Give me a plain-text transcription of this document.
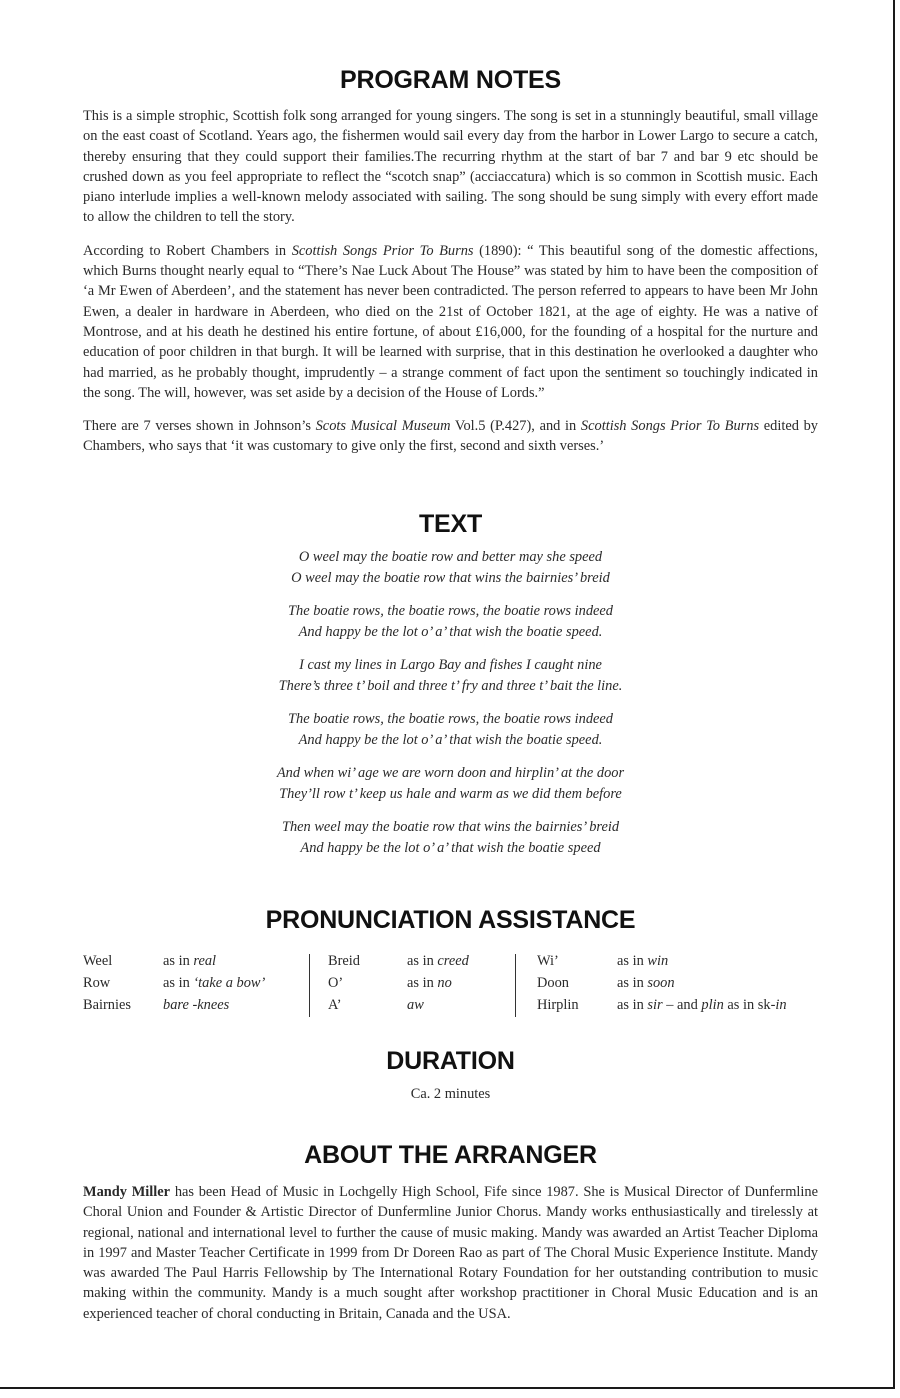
PROGRAM NOTES

This is a simple strophic, Scottish folk song arranged for young singers. The song is set in a stunningly beautiful, small village on the east coast of Scotland. Years ago, the fishermen would sail every day from the harbor in Lower Largo to secure a catch, thereby ensuring that they could support their families.The recurring rhythm at the start of bar 7 and bar 9 etc should be crushed down as you feel appropriate to reflect the “scotch snap” (acciaccatura) which is so common in Scottish music. Each piano interlude implies a well-known melody associated with sailing. The song should be sung simply with every effort made to allow the children to tell the story.

According to Robert Chambers in Scottish Songs Prior To Burns (1890): “ This beautiful song of the domestic affections, which Burns thought nearly equal to “There’s Nae Luck About The House” was stated by him to have been the composition of ‘a Mr Ewen of Aberdeen’, and the statement has never been contradicted. The person referred to appears to have been Mr John Ewen, a dealer in hardware in Aberdeen, who died on the 21st of October 1821, at the age of eighty. He was a native of Montrose, and at his death he destined his entire fortune, of about £16,000, for the founding of a hospital for the nurture and education of poor children in that burgh. It will be learned with surprise, that in this destination he overlooked a daughter who had married, as he probably thought, imprudently – a strange comment of fact upon the sentiment so touchingly indicated in the song. The will, however, was set aside by a decision of the House of Lords.”

There are 7 verses shown in Johnson’s Scots Musical Museum Vol.5 (P.427), and in Scottish Songs Prior To Burns edited by Chambers, who says that ‘it was customary to give only the first, second and sixth verses.’

TEXT
O weel may the boatie row and better may she speed
O weel may the boatie row that wins the bairnies’ breid
The boatie rows, the boatie rows, the boatie rows indeed
And happy be the lot o’ a’ that wish the boatie speed.
I cast my lines in Largo Bay and fishes I caught nine
There’s three t’ boil and three t’ fry and three t’ bait the line.
The boatie rows, the boatie rows, the boatie rows indeed
And happy be the lot o’ a’ that wish the boatie speed.
And when wi’ age we are worn doon and hirplin’ at the door
They’ll row t’ keep us hale and warm as we did them before
Then weel may the boatie row that wins the bairnies’ breid
And happy be the lot o’ a’ that wish the boatie speed
PRONUNCIATION ASSISTANCE
Weel	as in real
Row	as in ‘take a bow’
Bairnies bare -knees
Breid	as in creed
O’	as in no
A’	aw
Wi’	as in win
Doon	as in soon
Hirplin	as in sir – and plin as in sk-in
DURATION
Ca. 2 minutes
ABOUT THE ARRANGER

Mandy Miller has been Head of Music in Lochgelly High School, Fife since 1987. She is Musical Director of Dunfermline Choral Union and Founder & Artistic Director of Dunfermline Junior Chorus. Mandy works enthusiastically and tirelessly at regional, national and international level to further the cause of music making. Mandy was awarded an Artist Teacher Diploma in 1997 and Master Teacher Certificate in 1999 from Dr Doreen Rao as part of The Choral Music Experience Institute. Mandy was awarded The Paul Harris Fellowship by The International Rotary Foundation for her outstanding contribution to music making within the community. Mandy is a much sought after workshop practitioner in Choral Music Education and is an experienced teacher of choral conducting in Britain, Canada and the USA.
